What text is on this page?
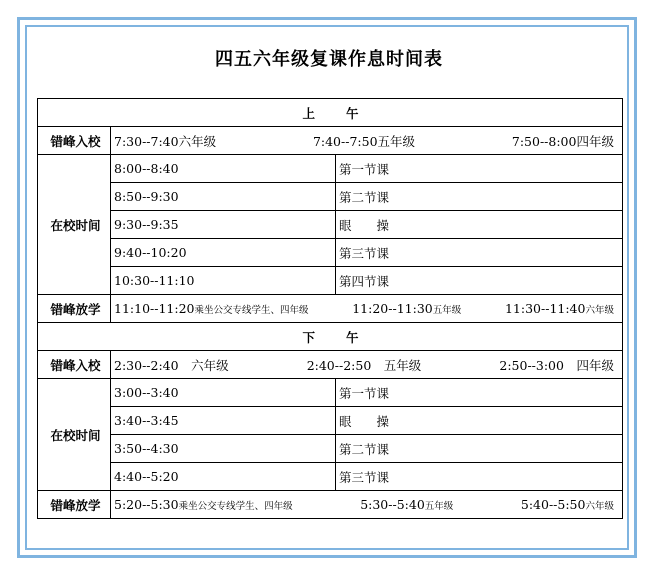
四五六年级复课作息时间表
上　　午		
错峰入校	7:30--7:40六年级 7:40--7:50五年级 7:50--8:00四年级	

在校时间	8:00--8:40	第一节课
	8:50--9:30	第二节课
	9:30--9:35	眼　　操
	9:40--10:20	第三节课
	10:30--11:10	第四节课
错峰放学	11:10--11:20乘坐公交专线学生、四年级 11:20--11:30五年级 11:30--11:40六年级	

下　　午		
错峰入校	2:30--2:40　 六年级 2:40--2:50　 五年级 2:50--3:00　 四年级	

在校时间	3:00--3:40	第一节课
	3:40--3:45	眼　　操
	3:50--4:30	第二节课
	4:40--5:20	第三节课
错峰放学	5:20--5:30乘坐公交专线学生、四年级 5:30--5:40五年级 5:40--5:50六年级	
